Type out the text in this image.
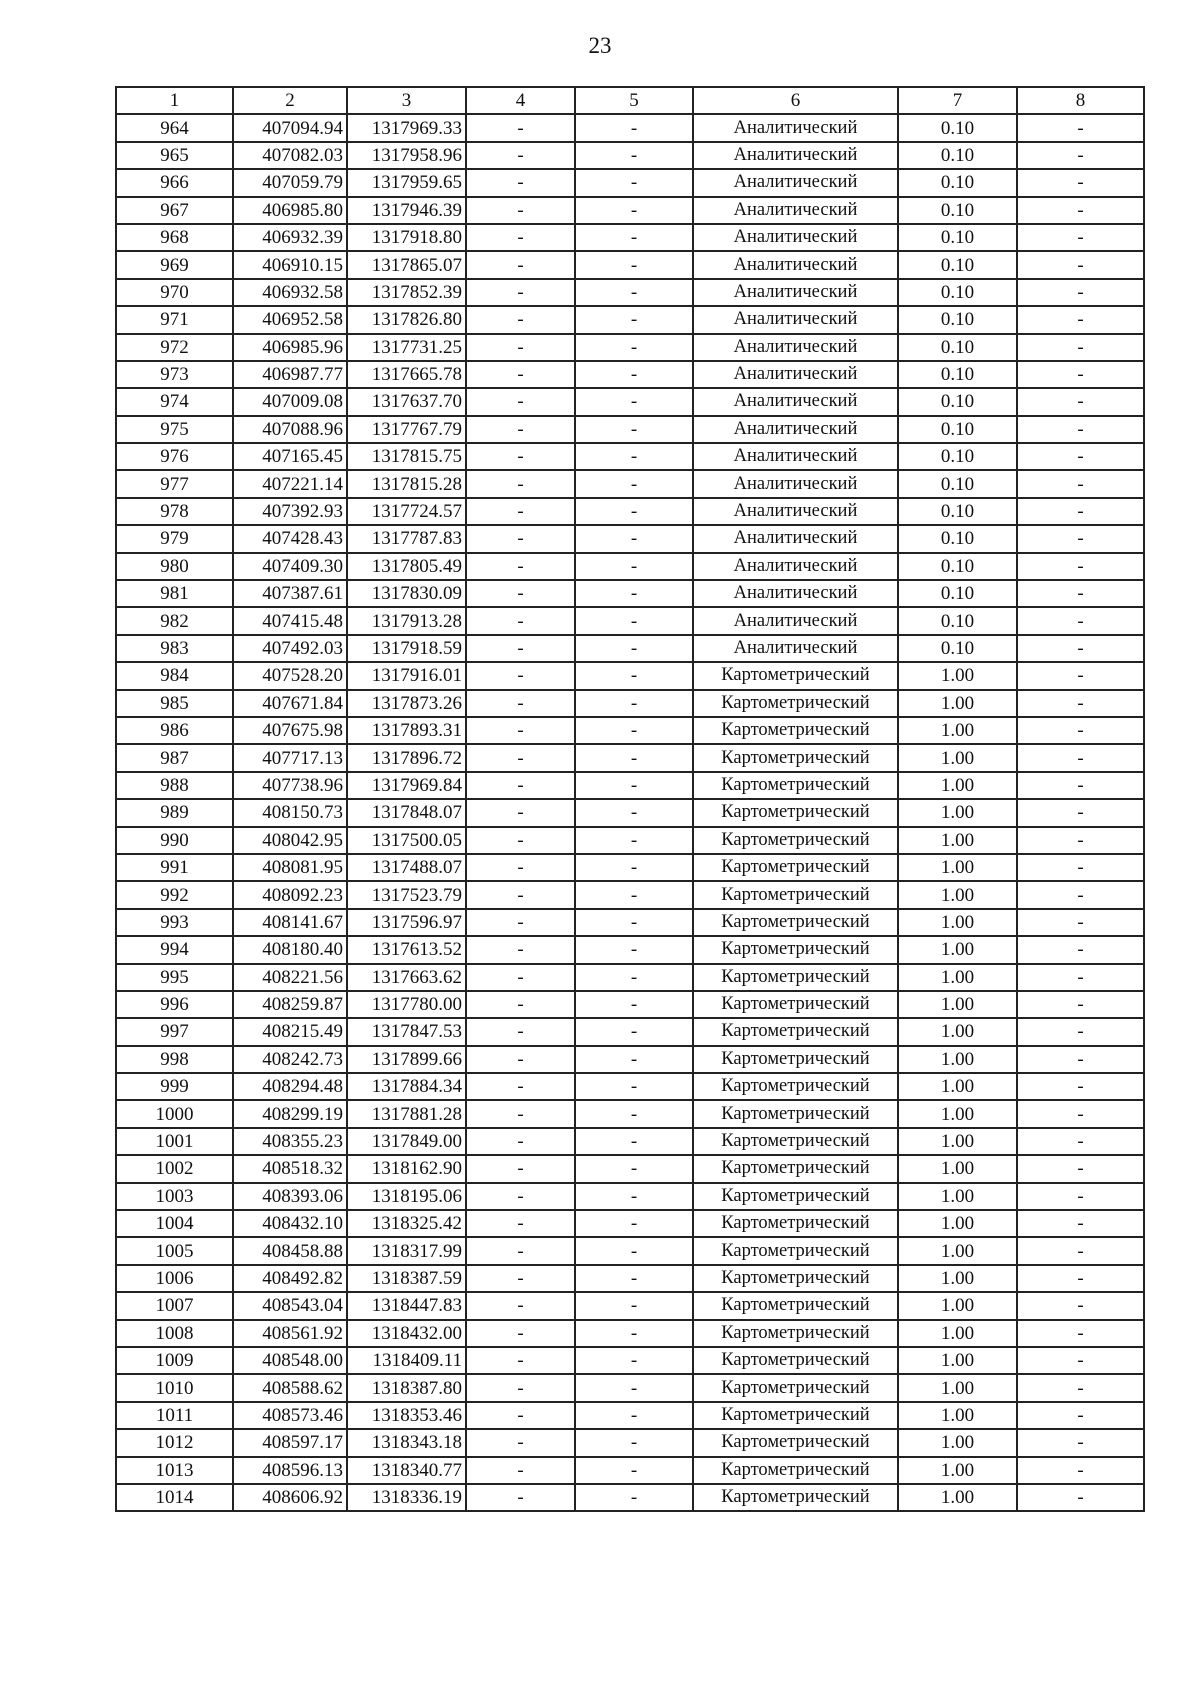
23
1	2	3	4	5	6	7	8
964	407094.94	1317969.33	-	-	Аналитический	0.10	-
965	407082.03	1317958.96	-	-	Аналитический	0.10	-
966	407059.79	1317959.65	-	-	Аналитический	0.10	-
967	406985.80	1317946.39	-	-	Аналитический	0.10	-
968	406932.39	1317918.80	-	-	Аналитический	0.10	-
969	406910.15	1317865.07	-	-	Аналитический	0.10	-
970	406932.58	1317852.39	-	-	Аналитический	0.10	-
971	406952.58	1317826.80	-	-	Аналитический	0.10	-
972	406985.96	1317731.25	-	-	Аналитический	0.10	-
973	406987.77	1317665.78	-	-	Аналитический	0.10	-
974	407009.08	1317637.70	-	-	Аналитический	0.10	-
975	407088.96	1317767.79	-	-	Аналитический	0.10	-
976	407165.45	1317815.75	-	-	Аналитический	0.10	-
977	407221.14	1317815.28	-	-	Аналитический	0.10	-
978	407392.93	1317724.57	-	-	Аналитический	0.10	-
979	407428.43	1317787.83	-	-	Аналитический	0.10	-
980	407409.30	1317805.49	-	-	Аналитический	0.10	-
981	407387.61	1317830.09	-	-	Аналитический	0.10	-
982	407415.48	1317913.28	-	-	Аналитический	0.10	-
983	407492.03	1317918.59	-	-	Аналитический	0.10	-
984	407528.20	1317916.01	-	-	Картометрический	1.00	-
985	407671.84	1317873.26	-	-	Картометрический	1.00	-
986	407675.98	1317893.31	-	-	Картометрический	1.00	-
987	407717.13	1317896.72	-	-	Картометрический	1.00	-
988	407738.96	1317969.84	-	-	Картометрический	1.00	-
989	408150.73	1317848.07	-	-	Картометрический	1.00	-
990	408042.95	1317500.05	-	-	Картометрический	1.00	-
991	408081.95	1317488.07	-	-	Картометрический	1.00	-
992	408092.23	1317523.79	-	-	Картометрический	1.00	-
993	408141.67	1317596.97	-	-	Картометрический	1.00	-
994	408180.40	1317613.52	-	-	Картометрический	1.00	-
995	408221.56	1317663.62	-	-	Картометрический	1.00	-
996	408259.87	1317780.00	-	-	Картометрический	1.00	-
997	408215.49	1317847.53	-	-	Картометрический	1.00	-
998	408242.73	1317899.66	-	-	Картометрический	1.00	-
999	408294.48	1317884.34	-	-	Картометрический	1.00	-
1000	408299.19	1317881.28	-	-	Картометрический	1.00	-
1001	408355.23	1317849.00	-	-	Картометрический	1.00	-
1002	408518.32	1318162.90	-	-	Картометрический	1.00	-
1003	408393.06	1318195.06	-	-	Картометрический	1.00	-
1004	408432.10	1318325.42	-	-	Картометрический	1.00	-
1005	408458.88	1318317.99	-	-	Картометрический	1.00	-
1006	408492.82	1318387.59	-	-	Картометрический	1.00	-
1007	408543.04	1318447.83	-	-	Картометрический	1.00	-
1008	408561.92	1318432.00	-	-	Картометрический	1.00	-
1009	408548.00	1318409.11	-	-	Картометрический	1.00	-
1010	408588.62	1318387.80	-	-	Картометрический	1.00	-
1011	408573.46	1318353.46	-	-	Картометрический	1.00	-
1012	408597.17	1318343.18	-	-	Картометрический	1.00	-
1013	408596.13	1318340.77	-	-	Картометрический	1.00	-
1014	408606.92	1318336.19	-	-	Картометрический	1.00	-
